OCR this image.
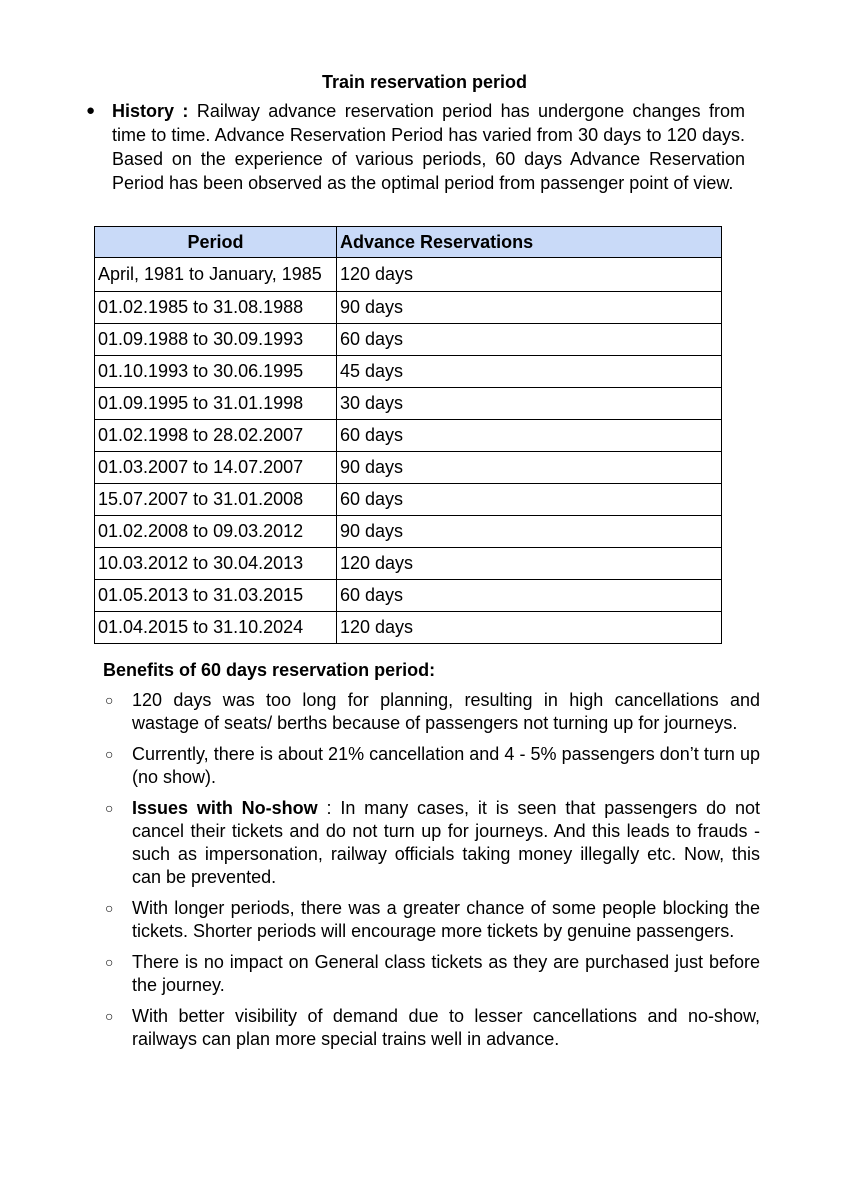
Train reservation period
● History : Railway advance reservation period has undergone changes from time to time. Advance Reservation Period has varied from 30 days to 120 days. Based on the experience of various periods, 60 days Advance Reservation Period has been observed as the optimal period from passenger point of view.

Period	Advance Reservations
April, 1981 to January, 1985	120 days
01.02.1985 to 31.08.1988	90 days
01.09.1988 to 30.09.1993	60 days
01.10.1993 to 30.06.1995	45 days
01.09.1995 to 31.01.1998	30 days
01.02.1998 to 28.02.2007	60 days
01.03.2007 to 14.07.2007	90 days
15.07.2007 to 31.01.2008	60 days
01.02.2008 to 09.03.2012	90 days
10.03.2012 to 30.04.2013	120 days
01.05.2013 to 31.03.2015	60 days
01.04.2015 to 31.10.2024	120 days
Benefits of 60 days reservation period:
○ 120 days was too long for planning, resulting in high cancellations and wastage of seats/ berths because of passengers not turning up for journeys.
○ Currently, there is about 21% cancellation and 4 - 5% passengers don’t turn up (no show).
○ Issues with No-show : In many cases, it is seen that passengers do not cancel their tickets and do not turn up for journeys. And this leads to frauds - such as impersonation, railway officials taking money illegally etc. Now, this can be prevented.
○ With longer periods, there was a greater chance of some people blocking the tickets. Shorter periods will encourage more tickets by genuine passengers.
○ There is no impact on General class tickets as they are purchased just before the journey.
○ With better visibility of demand due to lesser cancellations and no-show, railways can plan more special trains well in advance.
